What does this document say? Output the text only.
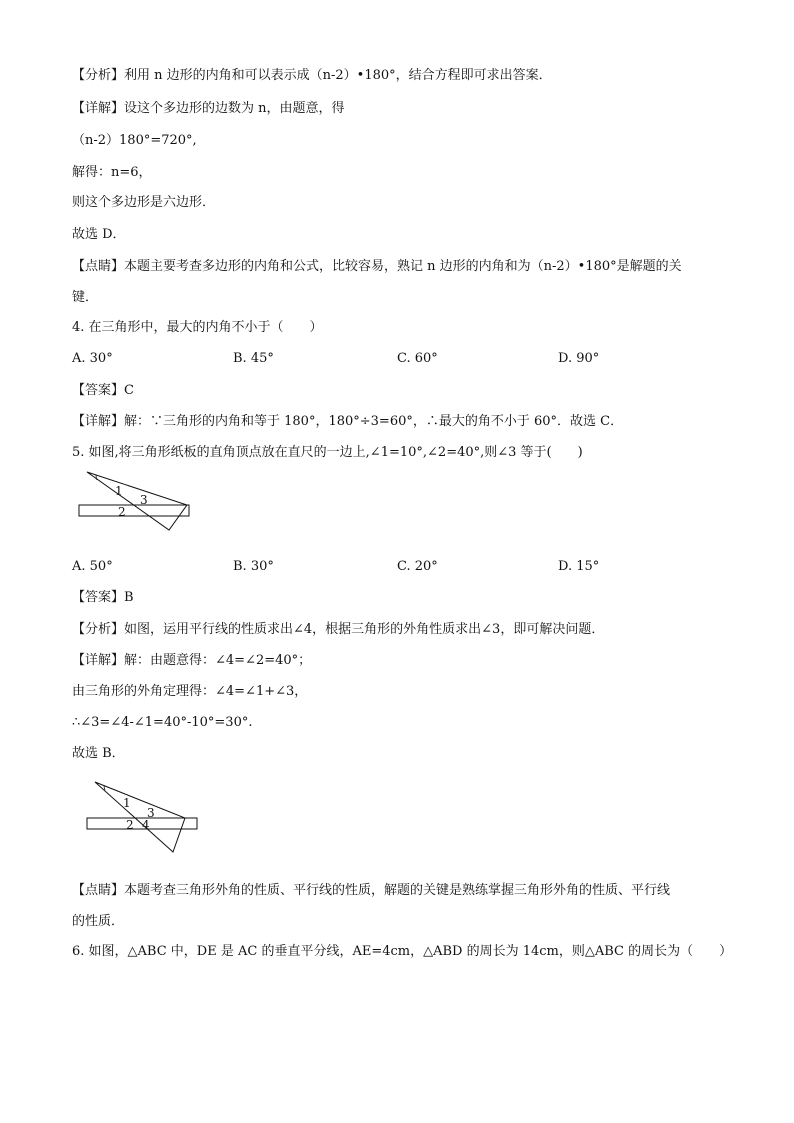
【分析】利用 n 边形的内角和可以表示成（n-2）•180°，结合方程即可求出答案．
【详解】设这个多边形的边数为 n，由题意，得
（n-2）180°=720°,
解得：n=6，
则这个多边形是六边形．
故选 D．
【点睛】本题主要考查多边形的内角和公式，比较容易，熟记 n 边形的内角和为（n-2）•180°是解题的关
键．
4. 在三角形中，最大的内角不小于（　　）
A. 30°	B. 45°	C. 60°	D. 90°
【答案】C
【详解】解：∵三角形的内角和等于 180°，180°÷3=60°，∴最大的角不小于 60°．故选 C．
5. 如图,将三角形纸板的直角顶点放在直尺的一边上,∠1=10°,∠2=40°,则∠3 等于(　　)
1
3
2
A. 50°	B. 30°	C. 20°	D. 15°
【答案】B
【分析】如图，运用平行线的性质求出∠4，根据三角形的外角性质求出∠3，即可解决问题．
【详解】解：由题意得：∠4=∠2=40°；
由三角形的外角定理得：∠4=∠1+∠3，
∴∠3=∠4-∠1=40°-10°=30°.
故选 B．
1
3
2 4
【点睛】本题考查三角形外角的性质、平行线的性质，解题的关键是熟练掌握三角形外角的性质、平行线
的性质．
6. 如图，△ABC 中，DE 是 AC 的垂直平分线，AE=4cm，△ABD 的周长为 14cm，则△ABC 的周长为（　　）
